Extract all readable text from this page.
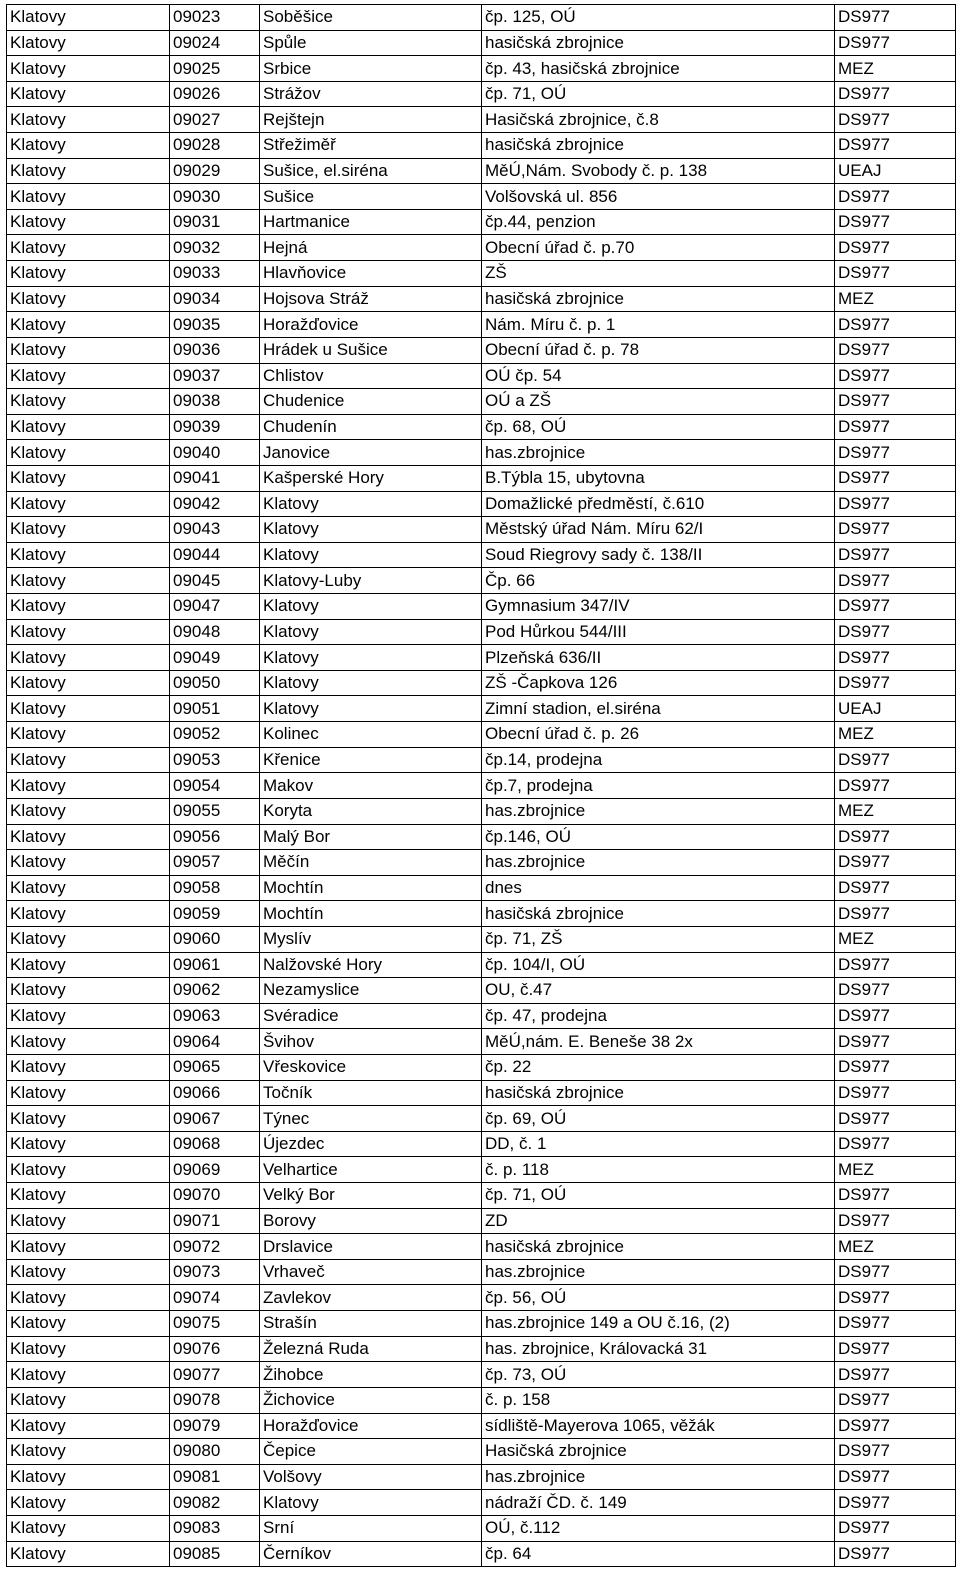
Klatovy	09023	Soběšice	čp. 125, OÚ	DS977
Klatovy	09024	Spůle	hasičská zbrojnice	DS977
Klatovy	09025	Srbice	čp. 43, hasičská zbrojnice	MEZ
Klatovy	09026	Strážov	čp. 71, OÚ	DS977
Klatovy	09027	Rejštejn	Hasičská zbrojnice, č.8	DS977
Klatovy	09028	Střežiměř	hasičská zbrojnice	DS977
Klatovy	09029	Sušice, el.siréna	MěÚ,Nám. Svobody č. p. 138	UEAJ
Klatovy	09030	Sušice	Volšovská ul. 856	DS977
Klatovy	09031	Hartmanice	čp.44, penzion	DS977
Klatovy	09032	Hejná	Obecní úřad č. p.70	DS977
Klatovy	09033	Hlavňovice	ZŠ	DS977
Klatovy	09034	Hojsova Stráž	hasičská zbrojnice	MEZ
Klatovy	09035	Horažďovice	Nám. Míru č. p. 1	DS977
Klatovy	09036	Hrádek u Sušice	Obecní úřad č. p. 78	DS977
Klatovy	09037	Chlistov	OÚ čp. 54	DS977
Klatovy	09038	Chudenice	OÚ a ZŠ	DS977
Klatovy	09039	Chudenín	čp. 68, OÚ	DS977
Klatovy	09040	Janovice	has.zbrojnice	DS977
Klatovy	09041	Kašperské Hory	B.Týbla 15, ubytovna	DS977
Klatovy	09042	Klatovy	Domažlické předměstí, č.610	DS977
Klatovy	09043	Klatovy	Městský úřad Nám. Míru 62/I	DS977
Klatovy	09044	Klatovy	Soud Riegrovy sady č. 138/II	DS977
Klatovy	09045	Klatovy-Luby	Čp. 66	DS977
Klatovy	09047	Klatovy	Gymnasium 347/IV	DS977
Klatovy	09048	Klatovy	Pod Hůrkou 544/III	DS977
Klatovy	09049	Klatovy	Plzeňská 636/II	DS977
Klatovy	09050	Klatovy	ZŠ -Čapkova 126	DS977
Klatovy	09051	Klatovy	Zimní stadion, el.siréna	UEAJ
Klatovy	09052	Kolinec	Obecní úřad č. p. 26	MEZ
Klatovy	09053	Křenice	čp.14, prodejna	DS977
Klatovy	09054	Makov	čp.7, prodejna	DS977
Klatovy	09055	Koryta	has.zbrojnice	MEZ
Klatovy	09056	Malý Bor	čp.146, OÚ	DS977
Klatovy	09057	Měčín	has.zbrojnice	DS977
Klatovy	09058	Mochtín	dnes	DS977
Klatovy	09059	Mochtín	hasičská zbrojnice	DS977
Klatovy	09060	Myslív	čp. 71, ZŠ	MEZ
Klatovy	09061	Nalžovské Hory	čp. 104/I, OÚ	DS977
Klatovy	09062	Nezamyslice	OU, č.47	DS977
Klatovy	09063	Svéradice	čp. 47, prodejna	DS977
Klatovy	09064	Švihov	MěÚ,nám. E. Beneše 38 2x	DS977
Klatovy	09065	Vřeskovice	čp. 22	DS977
Klatovy	09066	Točník	hasičská zbrojnice	DS977
Klatovy	09067	Týnec	čp. 69, OÚ	DS977
Klatovy	09068	Újezdec	DD, č. 1	DS977
Klatovy	09069	Velhartice	č. p. 118	MEZ
Klatovy	09070	Velký Bor	čp. 71, OÚ	DS977
Klatovy	09071	Borovy	ZD	DS977
Klatovy	09072	Drslavice	hasičská zbrojnice	MEZ
Klatovy	09073	Vrhaveč	has.zbrojnice	DS977
Klatovy	09074	Zavlekov	čp. 56, OÚ	DS977
Klatovy	09075	Strašín	has.zbrojnice 149 a OU č.16, (2)	DS977
Klatovy	09076	Železná Ruda	has. zbrojnice, Královacká 31	DS977
Klatovy	09077	Žihobce	čp. 73, OÚ	DS977
Klatovy	09078	Žichovice	č. p. 158	DS977
Klatovy	09079	Horažďovice	sídliště-Mayerova 1065, věžák	DS977
Klatovy	09080	Čepice	Hasičská zbrojnice	DS977
Klatovy	09081	Volšovy	has.zbrojnice	DS977
Klatovy	09082	Klatovy	nádraží ČD. č. 149	DS977
Klatovy	09083	Srní	OÚ, č.112	DS977
Klatovy	09085	Černíkov	čp. 64	DS977
